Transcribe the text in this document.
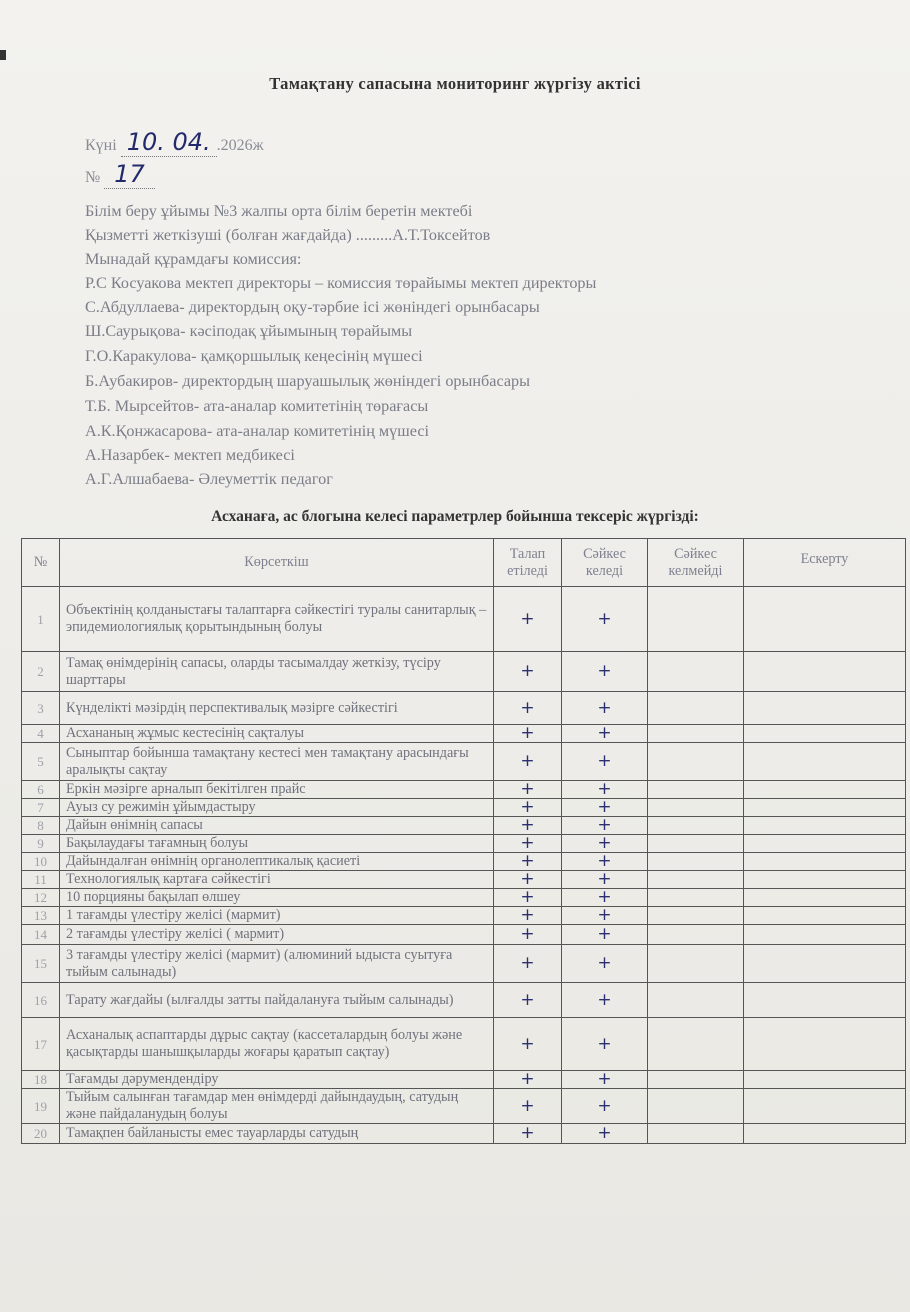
Тамақтану сапасына мониторинг жүргізу актісі
Күні 10. 04. .2026ж
№ 17
Білім беру ұйымы №3 жалпы орта білім беретін мектебі
Қызметті жеткізуші (болған жағдайда) .........А.Т.Токсейтов
Мынадай құрамдағы комиссия:
Р.С Косуакова мектеп директоры – комиссия төрайымы мектеп директоры
С.Абдуллаева- директордың оқу-тәрбие ісі жөніндегі орынбасары
Ш.Саурықова- кәсіподақ ұйымының төрайымы
Г.О.Каракулова- қамқоршылық кеңесінің мүшесі
Б.Аубакиров- директордың шаруашылық жөніндегі орынбасары
Т.Б. Мырсейтов- ата-аналар комитетінің төрағасы
А.К.Қонжасарова- ата-аналар комитетінің мүшесі
А.Назарбек- мектеп медбикесі
А.Г.Алшабаева- Әлеуметтік педагог
Асханаға, ас блогына келесі параметрлер бойынша тексеріс жүргізді:
№	Көрсеткіш	Талап етіледі	Сәйкес келеді	Сәйкес келмейді	Ескерту
1	Объектінің қолданыстағы талаптарға сәйкестігі туралы санитарлық – эпидемиологиялық қорытындының болуы	+	+		
2	Тамақ өнімдерінің сапасы, оларды тасымалдау жеткізу, түсіру шарттары	+	+		
3	Күнделікті мәзірдің перспективалық мәзірге сәйкестігі	+	+		
4	Асхананың жұмыс кестесінің сақталуы	+	+		
5	Сыныптар бойынша тамақтану кестесі мен тамақтану арасындағы аралықты сақтау	+	+		
6	Еркін мәзірге арналып бекітілген прайс	+	+		
7	Ауыз су режимін ұйымдастыру	+	+		
8	Дайын өнімнің сапасы	+	+		
9	Бақылаудағы тағамның болуы	+	+		
10	Дайындалған өнімнің органолептикалық қасиеті	+	+		
11	Технологиялық картаға сәйкестігі	+	+		
12	10 порцияны бақылап өлшеу	+	+		
13	1 тағамды үлестіру желісі (мармит)	+	+		
14	2 тағамды үлестіру желісі ( мармит)	+	+		
15	3 тағамды үлестіру желісі (мармит) (алюминий ыдыста суытуға тыйым салынады)	+	+		
16	Тарату жағдайы (ылғалды затты пайдалануға тыйым салынады)	+	+		
17	Асханалық аспаптарды дұрыс сақтау (кассеталардың болуы және қасықтарды шанышқыларды жоғары қаратып сақтау)	+	+		
18	Тағамды дәрумендендіру	+	+		
19	Тыйым салынған тағамдар мен өнімдерді дайындаудың, сатудың және пайдаланудың болуы	+	+		
20	Тамақпен байланысты емес тауарларды сатудың	+	+		
